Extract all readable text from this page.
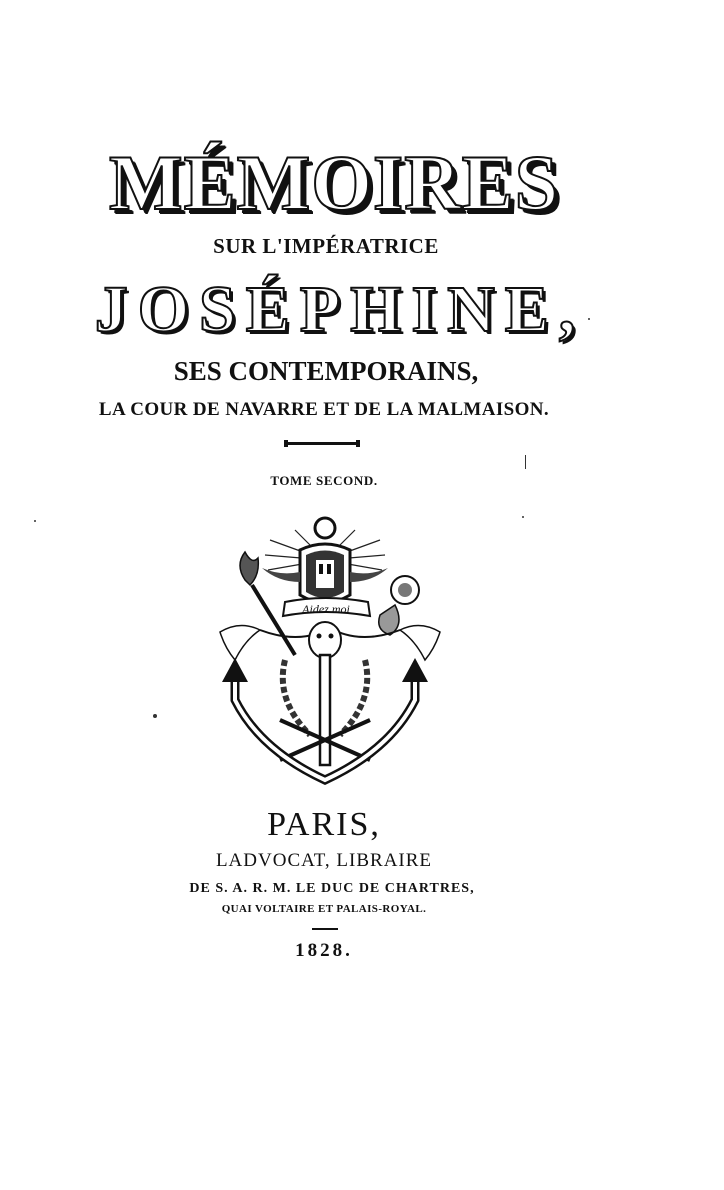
MÉMOIRES
SUR L'IMPÉRATRICE
JOSÉPHINE,
SES CONTEMPORAINS,
LA COUR DE NAVARRE ET DE LA MALMAISON.
TOME SECOND.
Aidez moi
PARIS,
LADVOCAT, LIBRAIRE
DE S. A. R. M. LE DUC DE CHARTRES,
QUAI VOLTAIRE ET PALAIS-ROYAL.
1828.
